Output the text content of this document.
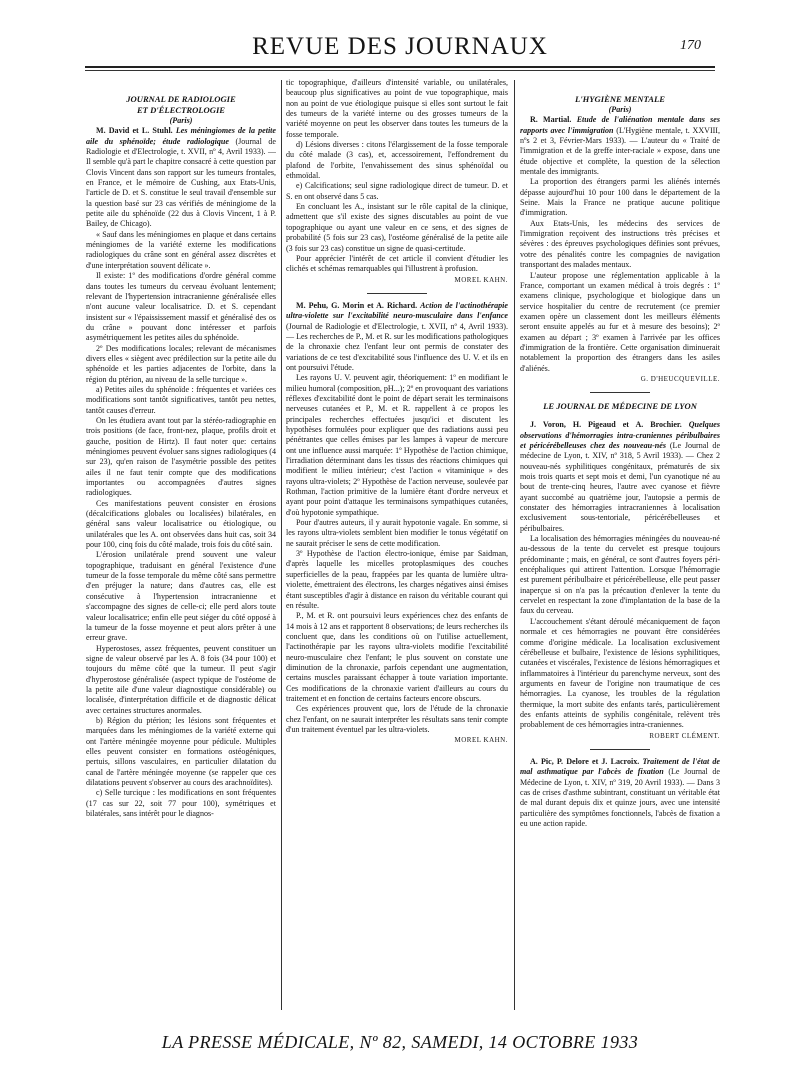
REVUE DES JOURNAUX	170

JOURNAL DE RADIOLOGIE

ET D'ÉLECTROLOGIE

(Paris)

M. David et L. Stuhl. Les méningiomes de la petite aile du sphénoïde; étude radiologique (Journal de Radiologie et d'Electrologie, t. XVII, nº 4, Avril 1933). — Il semble qu'à part le chapitre consacré à cette question par Clovis Vincent dans son rapport sur les tumeurs frontales, en France, et le mémoire de Cushing, aux Etats-Unis, l'article de D. et S. constitue le seul travail d'ensemble sur la question basé sur 23 cas vérifiés de méningiome de la petite aile du sphénoïde (22 dus à Clovis Vincent, 1 à P. Bailey, de Chicago).

« Sauf dans les méningiomes en plaque et dans certains méningiomes de la variété externe les modifications radiologiques du crâne sont en général assez discrètes et d'une interprétation souvent délicate ».

Il existe: 1º des modifications d'ordre général comme dans toutes les tumeurs du cerveau évoluant lentement; relevant de l'hypertension intracranienne généralisée elles n'ont aucune valeur localisatrice. D. et S. cependant insistent sur « l'épaississement massif et généralisé des os du crâne » pouvant donc intéresser et parfois asymétriquement les petites ailes du sphénoïde.

2º Des modifications locales; relevant de mécanismes divers elles « siègent avec prédilection sur la petite aile du sphénoïde et les parties adjacentes de l'orbite, dans la région du ptérion, au niveau de la selle turcique ».

a) Petites ailes du sphénoïde : fréquentes et variées ces modifications sont tantôt significatives, tantôt peu nettes, tantôt causes d'erreur.

On les étudiera avant tout par la stéréo-radiographie en trois positions (de face, front-nez, plaque, profils droit et gauche, position de Hirtz). Il faut noter que: certains méningiomes peuvent évoluer sans signes radiologiques (4 sur 23), qu'en raison de l'asymétrie possible des petites ailes il ne faut tenir compte que des modifications importantes ou accompagnées d'autres signes radiologiques.

Ces manifestations peuvent consister en érosions (décalcifications globales ou localisées) bilatérales, en général sans valeur localisatrice ou étiologique, ou unilatérales que les A. ont observées dans huit cas, soit 34 pour 100, cinq fois du côté malade, trois fois du côté sain.

L'érosion unilatérale prend souvent une valeur topographique, traduisant en général l'existence d'une tumeur de la fosse temporale du même côté sans permettre d'en préjuger la nature; dans d'autres cas, elle est consécutive à l'hypertension intracranienne et s'accompagne des signes de celle-ci; elle perd alors toute valeur localisatrice; enfin elle peut siéger du côté opposé à la tumeur de la fosse moyenne et peut alors prêter à une erreur grave.

Hyperostoses, assez fréquentes, peuvent constituer un signe de valeur observé par les A. 8 fois (34 pour 100) et toujours du même côté que la tumeur. Il peut s'agir d'hyperostose généralisée (aspect typique de l'ostéome de la petite aile d'une valeur diagnostique considérable) ou localisée, d'interprétation difficile et de diagnostic délicat avec certaines structures anormales.

b) Région du ptérion; les lésions sont fréquentes et marquées dans les méningiomes de la variété externe qui ont l'artère méningée moyenne pour pédicule. Multiples elles peuvent consister en formations ostéogéniques, pertuis, sillons vasculaires, en particulier dilatation du canal de l'artère méningée moyenne (se rappeler que ces dilatations peuvent s'observer au cours des arachnoïdites).

c) Selle turcique : les modifications en sont fréquentes (17 cas sur 22, soit 77 pour 100), symétriques et bilatérales, sans intérêt pour le diagnos-

tic topographique, d'ailleurs d'intensité variable, ou unilatérales, beaucoup plus significatives au point de vue topographique, mais non au point de vue étiologique puisque si elles sont surtout le fait des tumeurs de la variété interne ou des grosses tumeurs de la variété moyenne on peut les observer dans toutes les tumeurs de la fosse temporale.

d) Lésions diverses : citons l'élargissement de la fosse temporale du côté malade (3 cas), et, accessoirement, l'effondrement du plafond de l'orbite, l'envahissement des sinus sphénoïdal ou ethmoïdal.

e) Calcifications; seul signe radiologique direct de tumeur. D. et S. en ont observé dans 5 cas.

En concluant les A., insistant sur le rôle capital de la clinique, admettent que s'il existe des signes discutables au point de vue topographique ou ayant une valeur en ce sens, et des signes de probabilité (5 fois sur 23 cas), l'ostéome généralisé de la petite aile (3 fois sur 23 cas) constitue un signe de quasi-certitude.

Pour apprécier l'intérêt de cet article il convient d'étudier les clichés et schémas remarquables qui l'illustrent à profusion.

MOREL KAHN.

M. Pehu, G. Morin et A. Richard. Action de l'actinothérapie ultra-violette sur l'excitabilité neuro-musculaire dans l'enfance (Journal de Radiologie et d'Electrologie, t. XVII, nº 4, Avril 1933). — Les recherches de P., M. et R. sur les modifications pathologiques de la chronaxie chez l'enfant leur ont permis de constater des variations de ce test d'excitabilité sous l'influence des U. V. et ils en ont poursuivi l'étude.

Les rayons U. V. peuvent agir, théoriquement: 1º en modifiant le milieu humoral (composition, pH...); 2º en provoquant des variations réflexes d'excitabilité dont le point de départ serait les terminaisons nerveuses cutanées et P., M. et R. rappellent à ce propos les principales recherches effectuées jusqu'ici et discutent les hypothèses formulées pour expliquer que des radiations aussi peu pénétrantes que celles émises par les lampes à vapeur de mercure ont une influence aussi marquée: 1º Hypothèse de l'action chimique, l'irradiation déterminant dans les tissus des réactions chimiques qui modifient le milieu intérieur; c'est l'action « vitaminique » des rayons ultra-violets; 2º Hypothèse de l'action nerveuse, soulevée par Rothman, l'action primitive de la lumière étant d'ordre nerveux et ayant pour point d'attaque les terminaisons sympathiques cutanées, d'où hypotonie sympathique.

Pour d'autres auteurs, il y aurait hypotonie vagale. En somme, si les rayons ultra-violets semblent bien modifier le tonus végétatif on ne saurait préciser le sens de cette modification.

3º Hypothèse de l'action électro-ionique, émise par Saidman, d'après laquelle les micelles protoplasmiques des couches superficielles de la peau, frappées par les quanta de lumière ultra-violette, émettraient des électrons, les charges négatives ainsi émises étant susceptibles d'agir à distance en raison du véritable courant qui en résulte.

P., M. et R. ont poursuivi leurs expériences chez des enfants de 14 mois à 12 ans et rapportent 8 observations; de leurs recherches ils concluent que, dans les conditions où on l'utilise actuellement, l'actinothérapie par les rayons ultra-violets modifie l'excitabilité neuro-musculaire chez l'enfant; le plus souvent on constate une diminution de la chronaxie, parfois cependant une augmentation, certains muscles paraissant échapper à toute variation importante. Ces modifications de la chronaxie varient d'ailleurs au cours du traitement et en fonction de certains facteurs encore obscurs.

Ces expériences prouvent que, lors de l'étude de la chronaxie chez l'enfant, on ne saurait interpréter les résultats sans tenir compte d'un traitement éventuel par les ultra-violets.

MOREL KAHN.

L'HYGIÈNE MENTALE

(Paris)

R. Martial. Etude de l'aliénation mentale dans ses rapports avec l'immigration (L'Hygiène mentale, t. XXVIII, nºs 2 et 3, Février-Mars 1933). — L'auteur du « Traité de l'immigration et de la greffe inter-raciale » expose, dans une étude objective et complète, la question de la sélection mentale des immigrants.

La proportion des étrangers parmi les aliénés internés dépasse aujourd'hui 10 pour 100 dans le département de la Seine. Mais la France ne pratique aucune politique d'immigration.

Aux Etats-Unis, les médecins des services de l'immigration reçoivent des instructions très précises et sévères : des épreuves psychologiques définies sont prévues, votre des pénalités contre les compagnies de navigation transportant des malades mentaux.

L'auteur propose une réglementation applicable à la France, comportant un examen médical à trois degrés : 1º examens clinique, psychologique et biologique dans un service hospitalier du centre de recrutement (ce premier examen opère un classement dont les meilleurs éléments seront ensuite appelés au fur et à mesure des besoins); 2º examen au départ ; 3º examen à l'arrivée par les offices d'immigration de la frontière. Cette organisation diminuerait notablement la proportion des étrangers dans les asiles d'aliénés.

G. D'HEUCQUEVILLE.

LE JOURNAL DE MÉDECINE DE LYON

J. Voron, H. Pigeaud et A. Brochier. Quelques observations d'hémorragies intra-craniennes péribulbaires et péricérébelleuses chez des nouveau-nés (Le Journal de médecine de Lyon, t. XIV, nº 318, 5 Avril 1933). — Chez 2 nouveau-nés syphilitiques congénitaux, prématurés de six mois trois quarts et sept mois et demi, l'un cyanotique né au bout de trente-cinq heures, l'autre avec cyanose et fièvre ayant succombé au quatrième jour, l'autopsie a permis de constater des hémorragies intracraniennes à localisation exclusivement sous-tentoriale, péricérébelleuses et péribulbaires.

La localisation des hémorragies méningées du nouveau-né au-dessous de la tente du cervelet est presque toujours prédominante ; mais, en général, ce sont d'autres foyers péri-encéphaliques qui attirent l'attention. Lorsque l'hémorragie est purement péribulbaire et péricérébelleuse, elle peut passer inaperçue si on n'a pas la précaution d'enlever la tente du cervelet en respectant la zone d'implantation de la base de la faux du cerveau.

L'accouchement s'étant déroulé mécaniquement de façon normale et ces hémorragies ne pouvant être considérées comme d'origine médicale. La localisation exclusivement cérébelleuse et bulbaire, l'existence de lésions syphilitiques, cutanées et viscérales, l'existence de lésions hémorragiques et inflammatoires à l'intérieur du parenchyme nerveux, sont des arguments en faveur de l'origine non traumatique de ces hémorragies. La cyanose, les troubles de la régulation thermique, la mort subite des enfants tarés, particulièrement des enfants atteints de syphilis congénitale, relèvent très probablement de ces hémorragies intra-craniennes.

ROBERT CLÉMENT.

A. Pic, P. Delore et J. Lacroix. Traitement de l'état de mal asthmatique par l'abcès de fixation (Le Journal de Médecine de Lyon, t. XIV, nº 319, 20 Avril 1933). — Dans 3 cas de crises d'asthme subintrant, constituant un véritable état de mal durant depuis dix et quinze jours, avec une intensité particulière des symptômes fonctionnels, l'abcès de fixation a eu une action rapide.

LA PRESSE MÉDICALE, Nº 82, SAMEDI, 14 OCTOBRE 1933
